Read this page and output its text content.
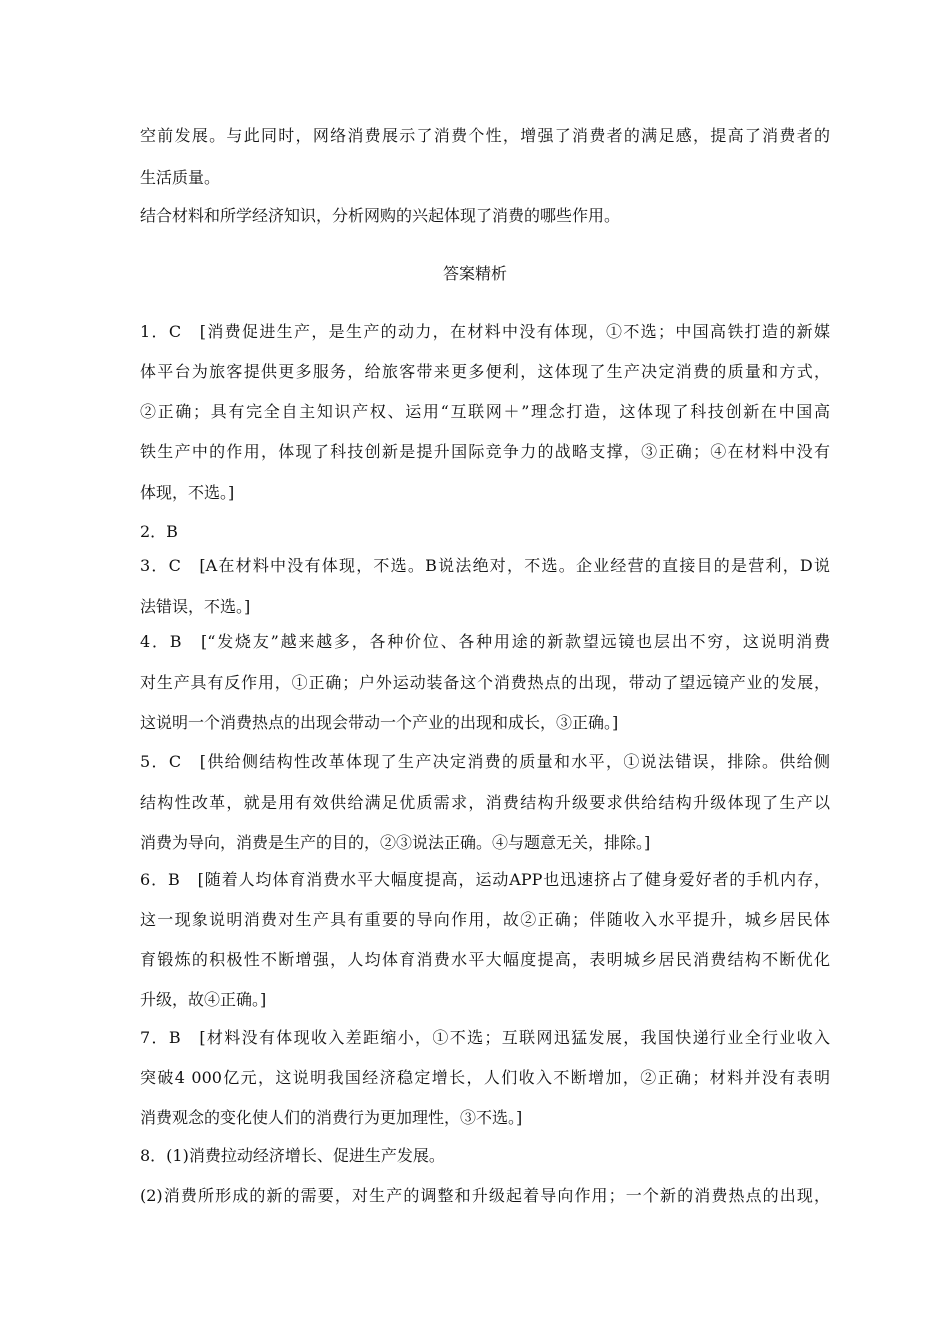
空前发展。与此同时，网络消费展示了消费个性，增强了消费者的满足感，提高了消费者的
生活质量。
结合材料和所学经济知识，分析网购的兴起体现了消费的哪些作用。
答案精析
1．C　[消费促进生产，是生产的动力，在材料中没有体现，①不选；中国高铁打造的新媒
体平台为旅客提供更多服务，给旅客带来更多便利，这体现了生产决定消费的质量和方式，
②正确；具有完全自主知识产权、运用“互联网＋”理念打造，这体现了科技创新在中国高
铁生产中的作用，体现了科技创新是提升国际竞争力的战略支撑，③正确；④在材料中没有
体现，不选。]
2．B
3．C　[A在材料中没有体现，不选。B说法绝对，不选。企业经营的直接目的是营利，D说
法错误，不选。]
4．B　[“发烧友”越来越多，各种价位、各种用途的新款望远镜也层出不穷，这说明消费
对生产具有反作用，①正确；户外运动装备这个消费热点的出现，带动了望远镜产业的发展，
这说明一个消费热点的出现会带动一个产业的出现和成长，③正确。]
5．C　[供给侧结构性改革体现了生产决定消费的质量和水平，①说法错误，排除。供给侧
结构性改革，就是用有效供给满足优质需求，消费结构升级要求供给结构升级体现了生产以
消费为导向，消费是生产的目的，②③说法正确。④与题意无关，排除。]
6．B　[随着人均体育消费水平大幅度提高，运动APP也迅速挤占了健身爱好者的手机内存，
这一现象说明消费对生产具有重要的导向作用，故②正确；伴随收入水平提升，城乡居民体
育锻炼的积极性不断增强，人均体育消费水平大幅度提高，表明城乡居民消费结构不断优化
升级，故④正确。]
7．B　[材料没有体现收入差距缩小，①不选；互联网迅猛发展，我国快递行业全行业收入
突破4 000亿元，这说明我国经济稳定增长，人们收入不断增加，②正确；材料并没有表明
消费观念的变化使人们的消费行为更加理性，③不选。]
8．(1)消费拉动经济增长、促进生产发展。
(2)消费所形成的新的需要，对生产的调整和升级起着导向作用；一个新的消费热点的出现，
